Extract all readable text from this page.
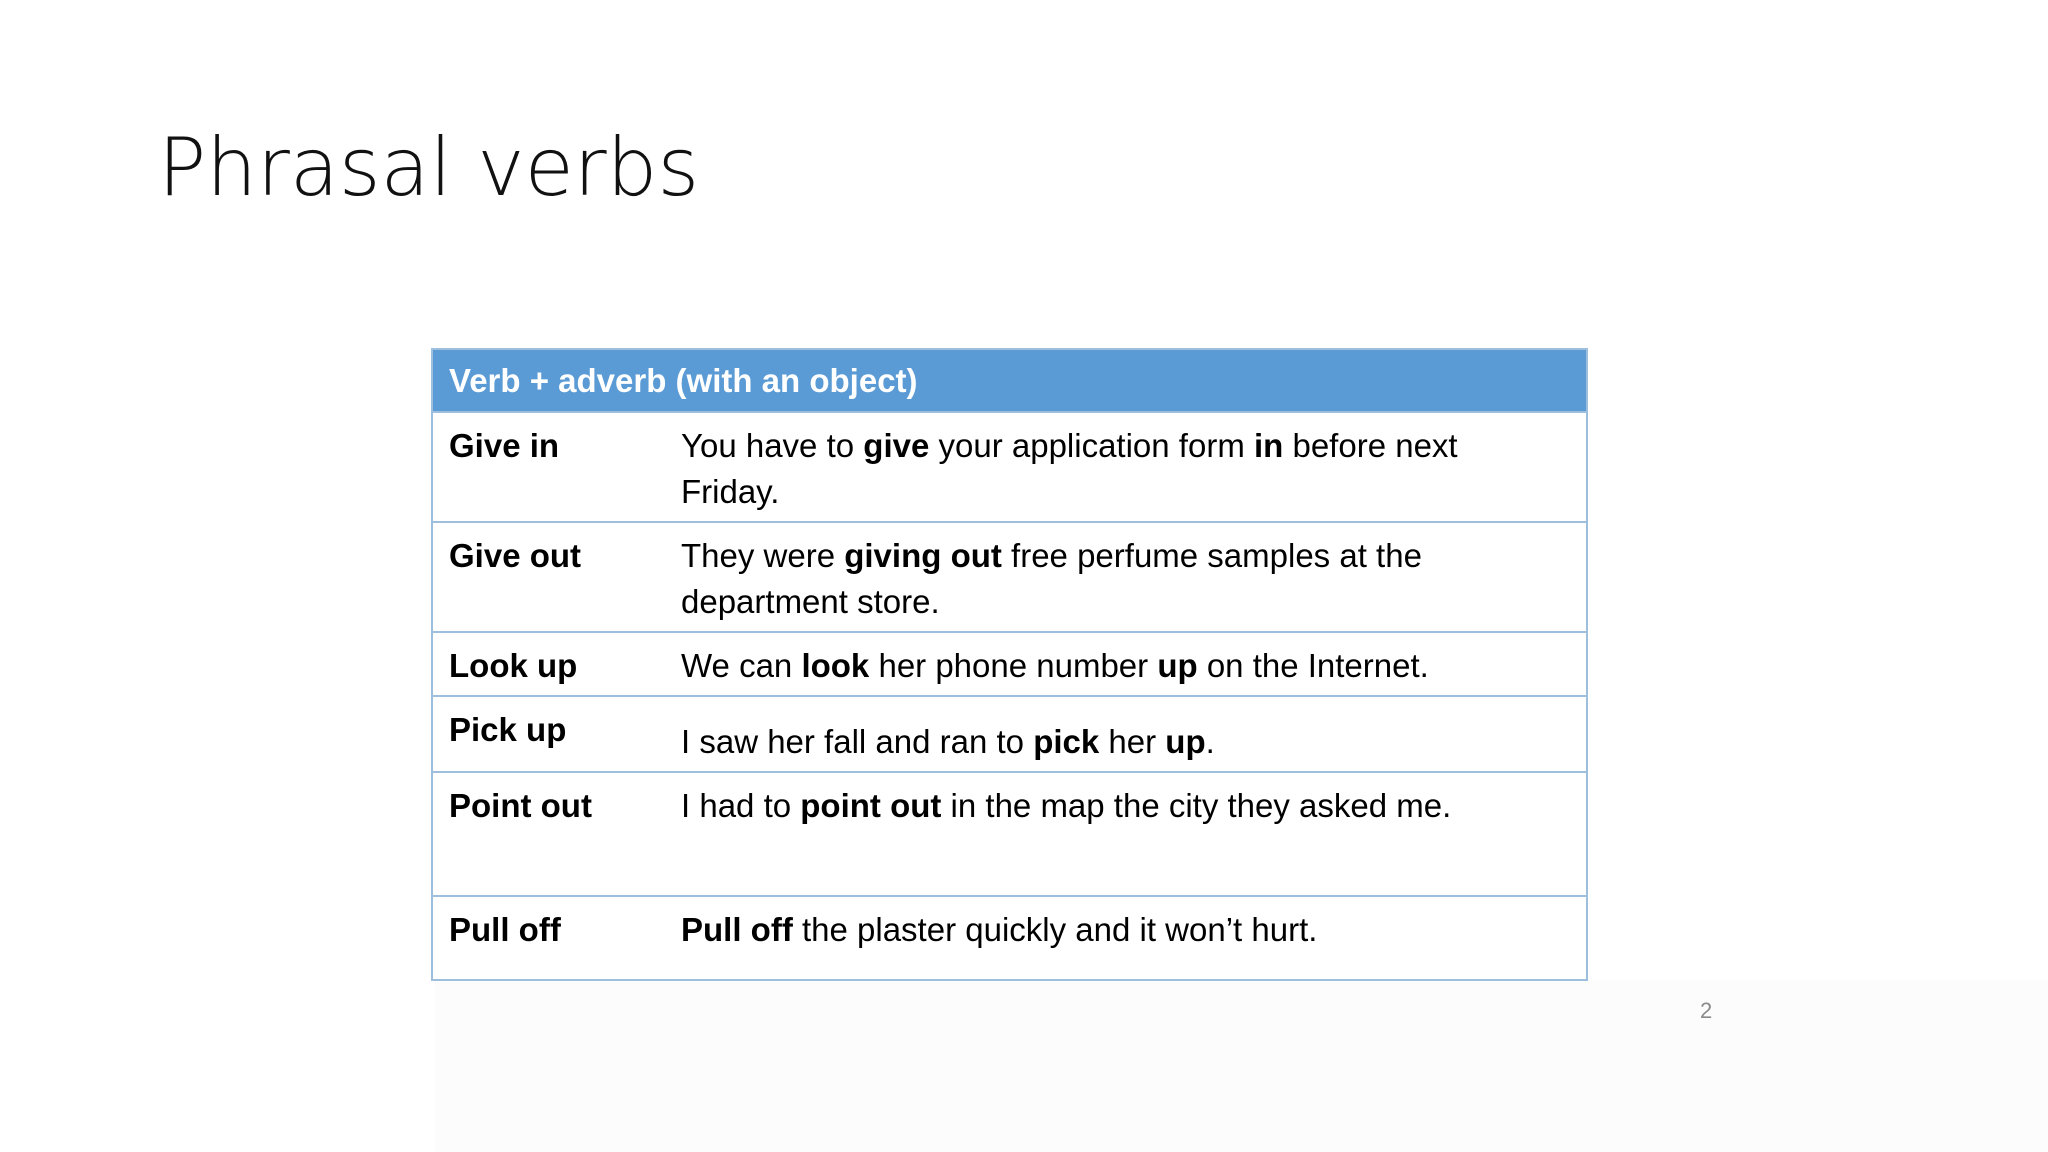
Phrasal verbs
Verb + adverb (with an object)	
Give in	You have to give your application form in before next Friday.
Give out	They were giving out free perfume samples at the department store.
Look up	We can look her phone number up on the Internet.
Pick up	I saw her fall and ran to pick her up.
Point out	I had to point out in the map the city they asked me.
Pull off	Pull off the plaster quickly and it won’t hurt.
2
